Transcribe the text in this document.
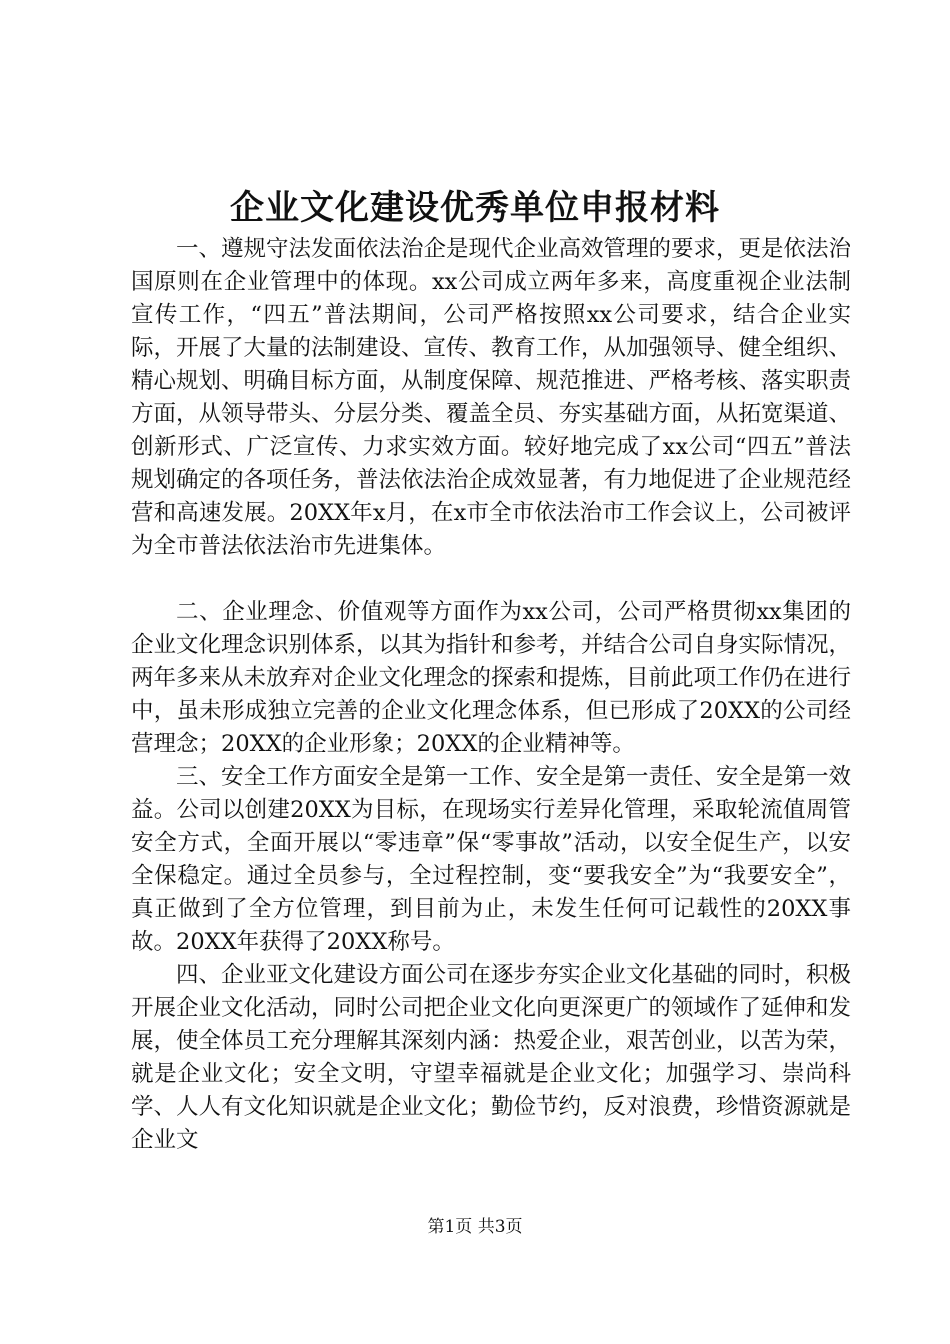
企业文化建设优秀单位申报材料

一、遵规守法发面依法治企是现代企业高效管理的要求，更是依法治国原则在企业管理中的体现。xx公司成立两年多来，高度重视企业法制宣传工作，“四五”普法期间，公司严格按照xx公司要求，结合企业实际，开展了大量的法制建设、宣传、教育工作，从加强领导、健全组织、精心规划、明确目标方面，从制度保障、规范推进、严格考核、落实职责方面，从领导带头、分层分类、覆盖全员、夯实基础方面，从拓宽渠道、创新形式、广泛宣传、力求实效方面。较好地完成了xx公司“四五”普法规划确定的各项任务，普法依法治企成效显著，有力地促进了企业规范经营和高速发展。20XX年x月，在x市全市依法治市工作会议上，公司被评为全市普法依法治市先进集体。

二、企业理念、价值观等方面作为xx公司，公司严格贯彻xx集团的企业文化理念识别体系，以其为指针和参考，并结合公司自身实际情况，两年多来从未放弃对企业文化理念的探索和提炼，目前此项工作仍在进行中，虽未形成独立完善的企业文化理念体系，但已形成了20XX的公司经营理念；20XX的企业形象；20XX的企业精神等。

三、安全工作方面安全是第一工作、安全是第一责任、安全是第一效益。公司以创建20XX为目标，在现场实行差异化管理，采取轮流值周管安全方式，全面开展以“零违章”保“零事故”活动，以安全促生产，以安全保稳定。通过全员参与，全过程控制，变“要我安全”为“我要安全”，真正做到了全方位管理，到目前为止，未发生任何可记载性的20XX事故。20XX年获得了20XX称号。

四、企业亚文化建设方面公司在逐步夯实企业文化基础的同时，积极开展企业文化活动，同时公司把企业文化向更深更广的领域作了延伸和发展，使全体员工充分理解其深刻内涵：热爱企业，艰苦创业，以苦为荣，就是企业文化；安全文明，守望幸福就是企业文化；加强学习、崇尚科学、人人有文化知识就是企业文化；勤俭节约，反对浪费，珍惜资源就是企业文

第1页 共3页
